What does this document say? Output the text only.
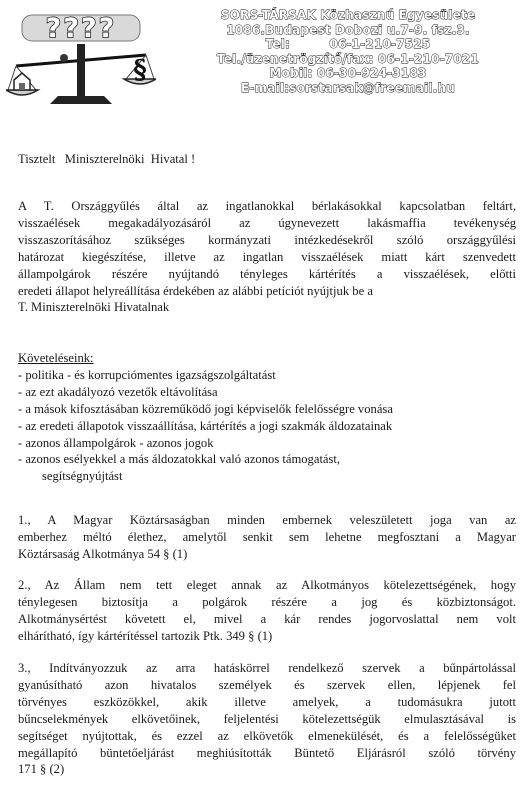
????
§
SORS-TÁRSAK Közhasznú Egyesülete
1086.Budapest Dobozi u.7-9. fsz.3.
Tel:         06-1-210-7525
Tel./üzenetrögzítő/fax: 06-1-210-7021
Mobil: 06-30-924-3183
E-mail:sorstarsak@freemail.hu

Tisztelt   Miniszterelnöki  Hivatal !

A T. Országgyűlés által az ingatlanokkal bérlakásokkal kapcsolatban feltárt,

visszaélések megakadályozásáról az úgynevezett lakásmaffia tevékenység

visszaszorításához szükséges kormányzati intézkedésekről szóló országgyűlési

határozat kiegészítése, illetve az ingatlan visszaélések miatt kárt szenvedett

állampolgárok részére nyújtandó tényleges kártérítés a visszaélések, előtti

eredeti állapot helyreállítása érdekében az alábbi petíciót nyújtjuk be a

T. Miniszterelnöki Hivatalnak

Követeléseink:

- politika - és korrupciómentes igazságszolgáltatást
- az ezt akadályozó vezetők eltávolítása
- a mások kifosztásában közreműködő jogi képviselők felelősségre vonása
- az eredeti állapotok visszaállítása, kártérítés a jogi szakmák áldozatainak
- azonos állampolgárok - azonos jogok
- azonos esélyekkel a más áldozatokkal való azonos támogatást,
segítségnyújtást

1., A Magyar Köztársaságban minden embernek veleszületett joga van az

emberhez méltó élethez, amelytől senkit sem lehetne megfosztani a Magyar

Köztársaság Alkotmánya 54 § (1)

2., Az Állam nem tett eleget annak az Alkotmányos kötelezettségének, hogy

ténylegesen biztosítja a polgárok részére a jog és közbiztonságot.

Alkotmánysértést követett el, mivel a kár rendes jogorvoslattal nem volt

elhárítható, így kártérítéssel tartozik Ptk. 349 § (1)

3., Indítványozzuk az arra hatáskörrel rendelkező szervek a bűnpártolással

gyanúsítható azon hivatalos személyek és szervek ellen, lépjenek fel

törvényes eszközökkel, akik illetve amelyek, a tudomásukra jutott

bűncselekmények elkövetőinek, feljelentési kötelezettségük elmulasztásával is

segítséget nyújtottak, és ezzel az elkövetők elmenekülését, és a felelősségüket

megállapító büntetőeljárást meghiúsították Büntető Eljárásról szóló törvény

171 § (2)
